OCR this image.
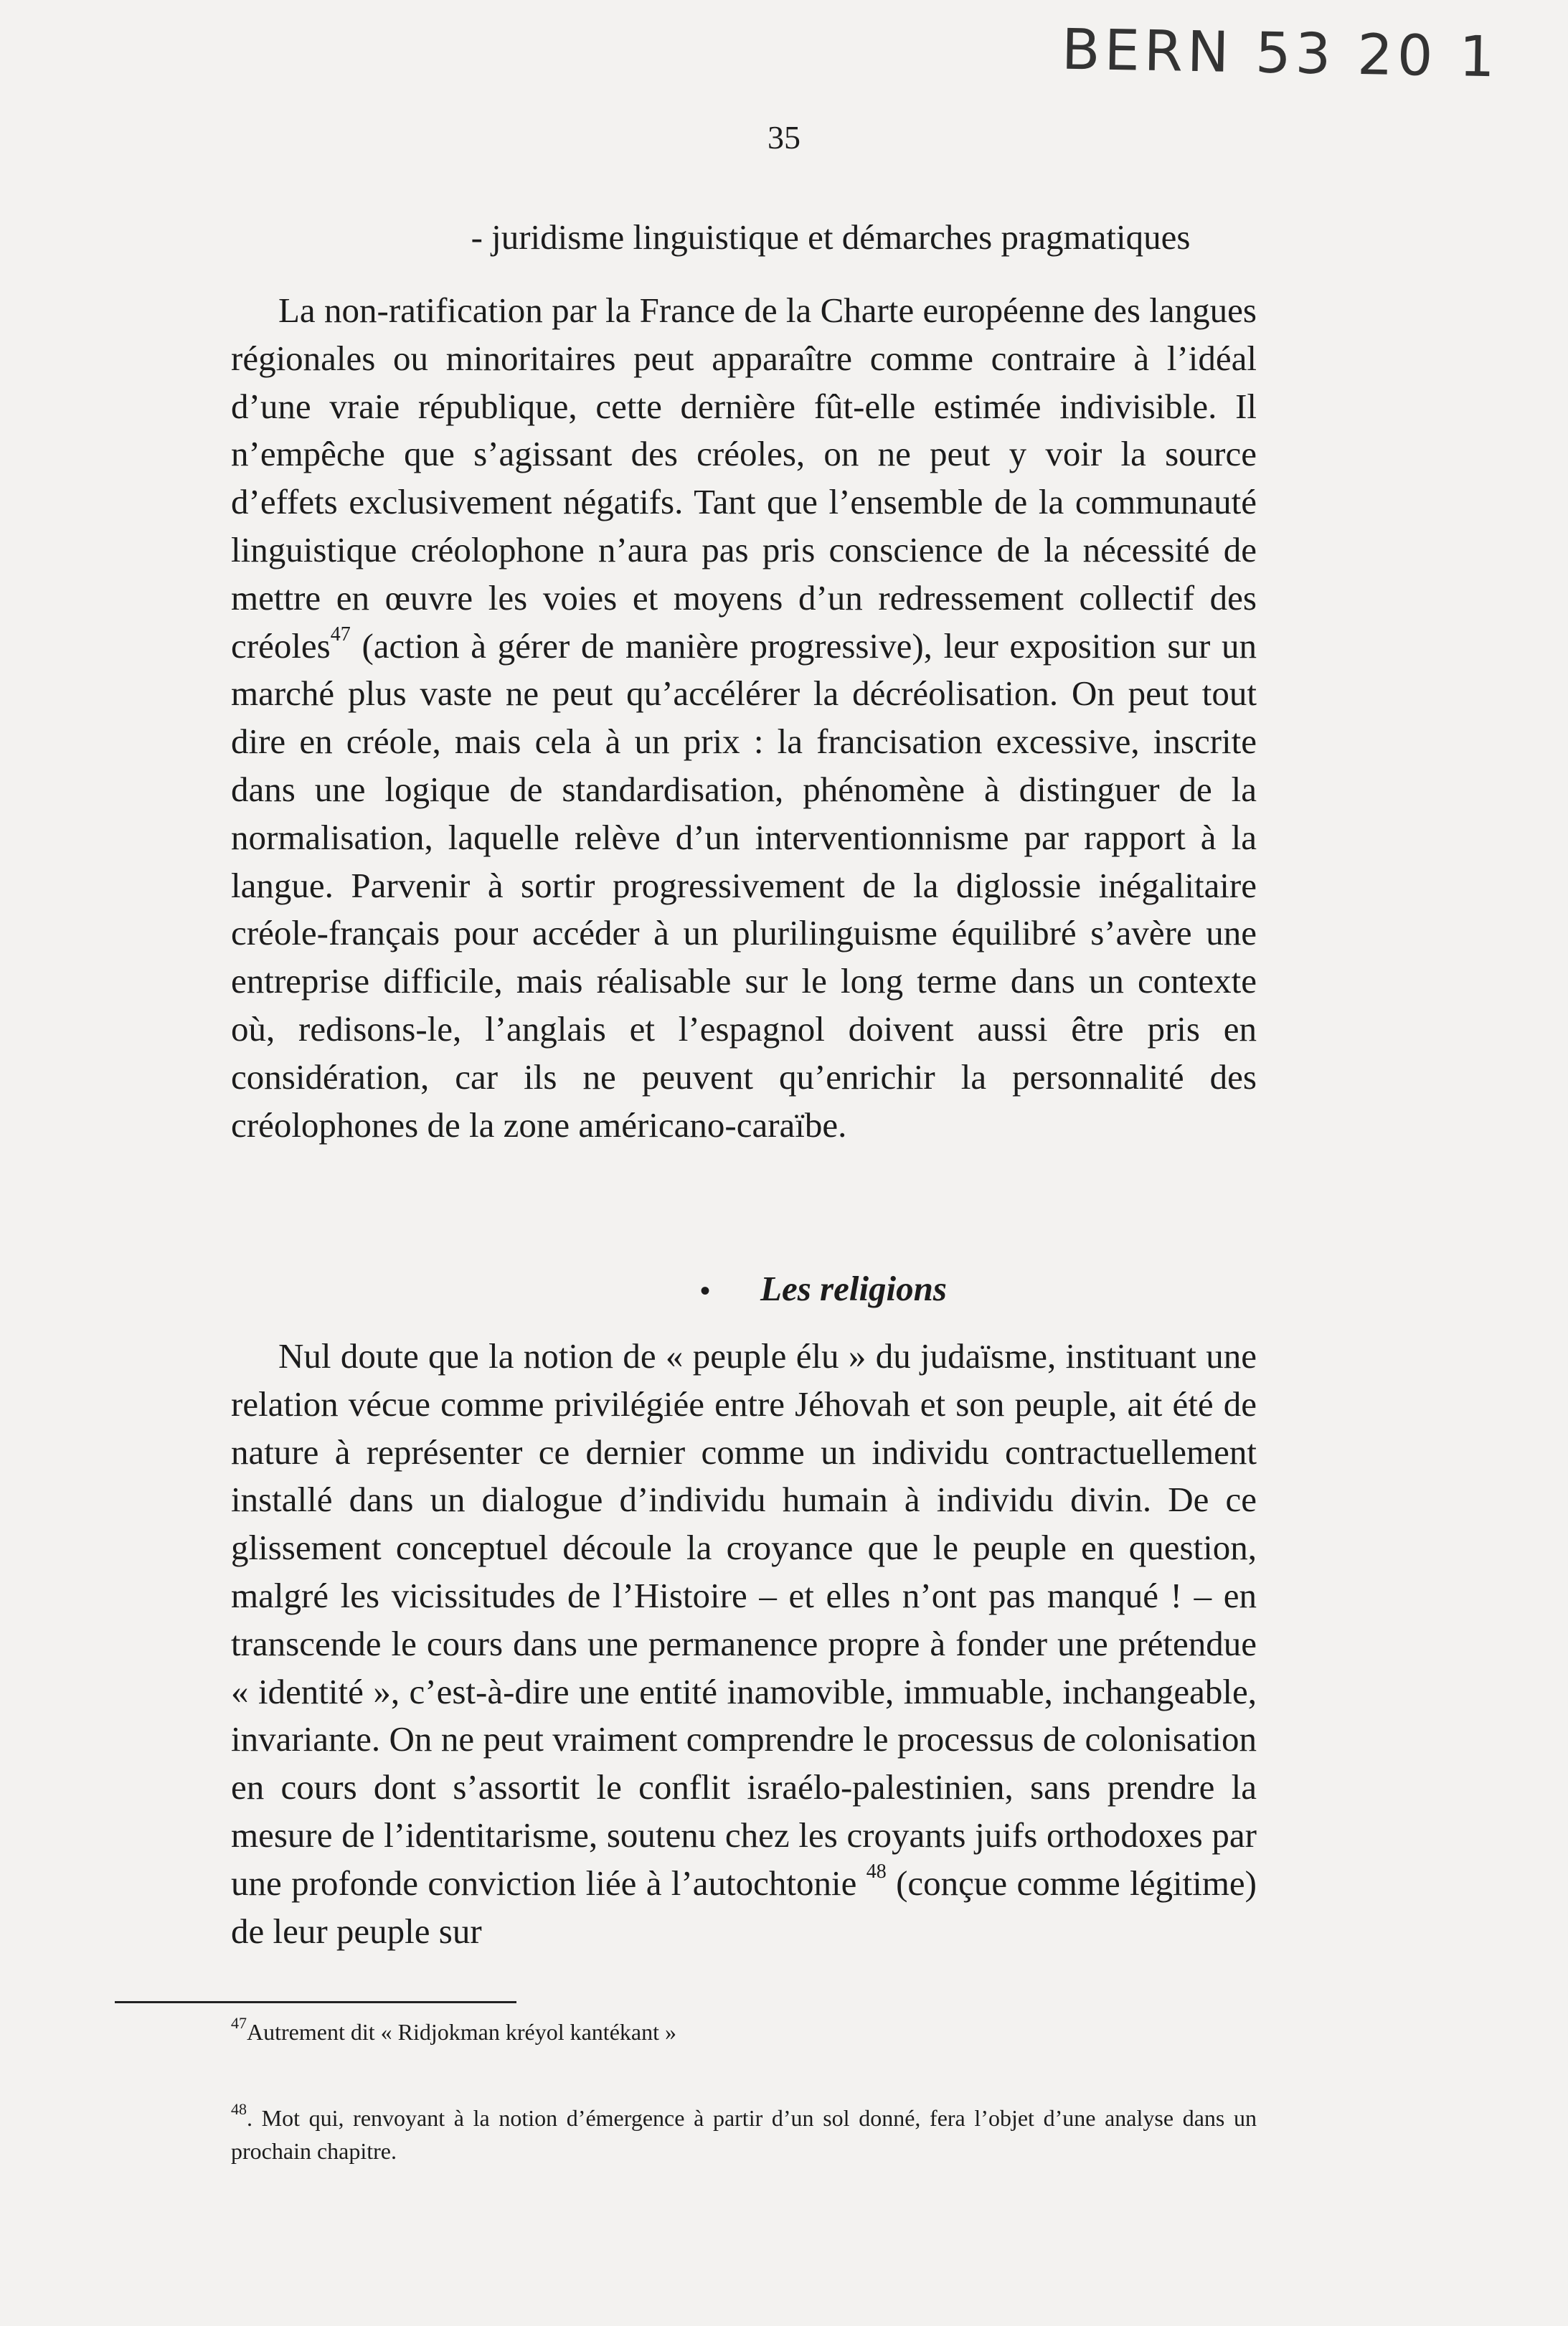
BERN 53 20 1
35
- juridisme linguistique et démarches pragmatiques

La non-ratification par la France de la Charte européenne des langues régionales ou minoritaires peut apparaître comme contraire à l’idéal d’une vraie république, cette dernière fût-elle estimée indivisible. Il n’empêche que s’agissant des créoles, on ne peut y voir la source d’effets exclusivement négatifs. Tant que l’ensemble de la communauté linguistique créolophone n’aura pas pris conscience de la nécessité de mettre en œuvre les voies et moyens d’un redressement collectif des créoles$^{47}$ (action à gérer de manière progressive), leur exposition sur un marché plus vaste ne peut qu’accélérer la décréolisation. On peut tout dire en créole, mais cela à un prix : la francisation excessive, inscrite dans une logique de standardisation, phénomène à distinguer de la normalisation, laquelle relève d’un interventionnisme par rapport à la langue. Parvenir à sortir progressivement de la diglossie inégalitaire créole-français pour accéder à un plurilinguisme équilibré s’avère une entreprise difficile, mais réalisable sur le long terme dans un contexte où, redisons-le, l’anglais et l’espagnol doivent aussi être pris en considération, car ils ne peuvent qu’enrichir la personnalité des créolophones de la zone américano-caraïbe.

• Les religions

Nul doute que la notion de « peuple élu » du judaïsme, instituant une relation vécue comme privilégiée entre Jéhovah et son peuple, ait été de nature à représenter ce dernier comme un individu contractuellement installé dans un dialogue d’individu humain à individu divin. De ce glissement conceptuel découle la croyance que le peuple en question, malgré les vicissitudes de l’Histoire – et elles n’ont pas manqué ! – en transcende le cours dans une permanence propre à fonder une prétendue « identité », c’est-à-dire une entité inamovible, immuable, inchangeable, invariante. On ne peut vraiment comprendre le processus de colonisation en cours dont s’assortit le conflit israélo-palestinien, sans prendre la mesure de l’identitarisme, soutenu chez les croyants juifs orthodoxes par une profonde conviction liée à l’autochtonie $^{48}$ (conçue comme légitime) de leur peuple sur

$^{47}$Autrement dit « Ridjokman kréyol kantékant »
$^{48}$. Mot qui, renvoyant à la notion d’émergence à partir d’un sol donné, fera l’objet d’une analyse dans un prochain chapitre.
